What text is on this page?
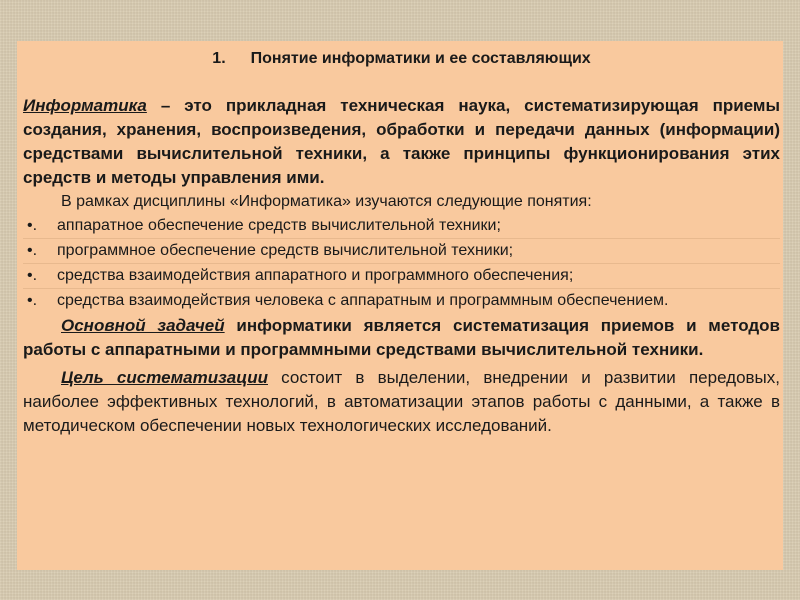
1. Понятие информатики и ее составляющих

Информатика – это прикладная техническая наука, систематизирующая приемы создания, хранения, воспроизведения, обработки и передачи данных (информации) средствами вычислительной техники, а также принципы функционирования этих средств и методы управления ими.

В рамках дисциплины «Информатика» изучаются следующие понятия:

•. аппаратное обеспечение средств вычислительной техники;
•. программное обеспечение средств вычислительной техники;
•. средства взаимодействия аппаратного и программного обеспечения;
•. средства взаимодействия человека с аппаратным и программным обеспечением.

Основной задачей информатики является систематизация приемов и методов работы с аппаратными и программными средствами вычислительной техники.

Цель систематизации состоит в выделении, внедрении и развитии передовых, наиболее эффективных технологий, в автоматизации этапов работы с данными, а также в методическом обеспечении новых технологических исследований.
